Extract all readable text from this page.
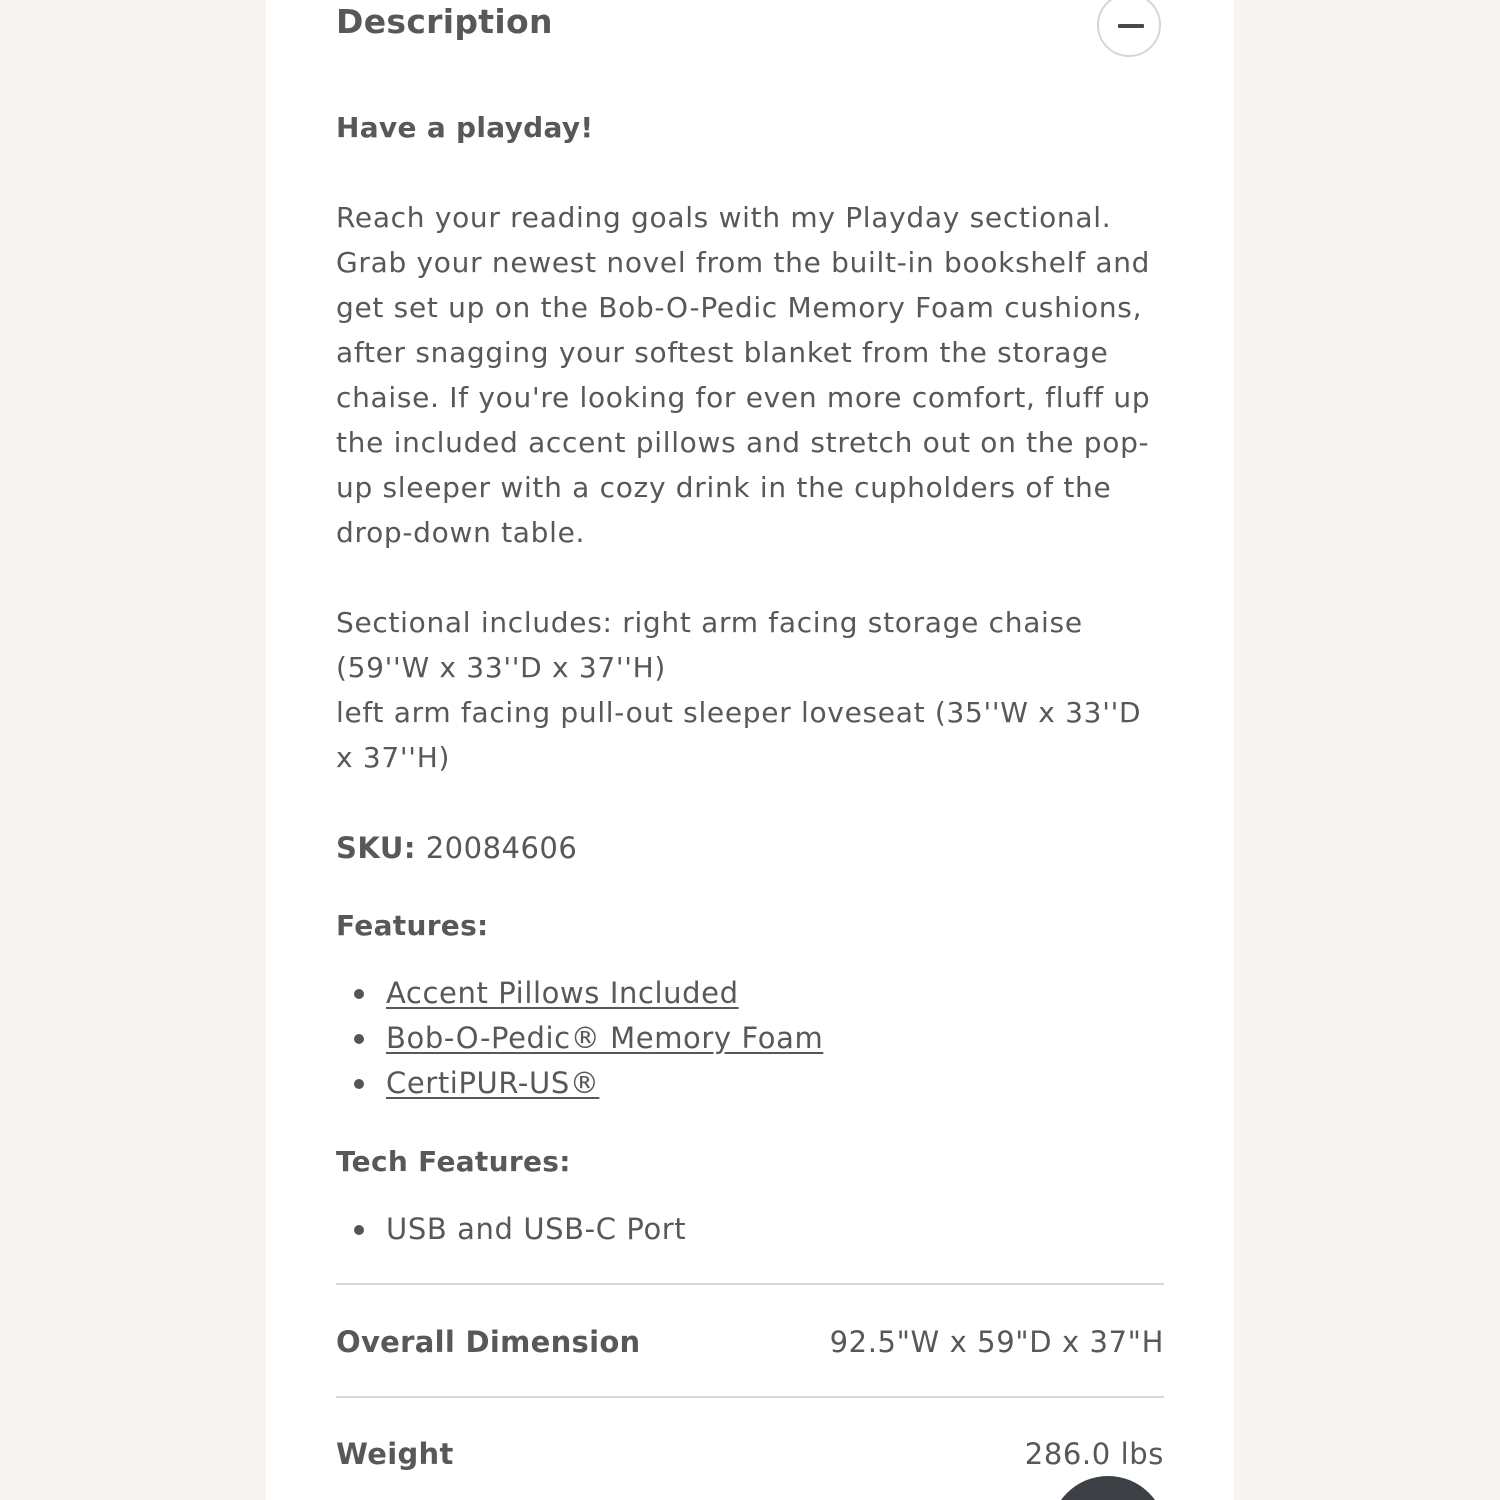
Description
Have a playday!

Reach your reading goals with my Playday sectional. Grab your newest novel from the built-in bookshelf and get set up on the Bob-O-Pedic Memory Foam cushions, after snagging your softest blanket from the storage chaise. If you're looking for even more comfort, fluff up the included accent pillows and stretch out on the pop-up sleeper with a cozy drink in the cupholders of the drop-down table.

Sectional includes: right arm facing storage chaise (59''W x 33''D x 37''H)
left arm facing pull-out sleeper loveseat (35''W x 33''D x 37''H)
SKU: 20084606
Features:
Accent Pillows Included
Bob-O-Pedic® Memory Foam
CertiPUR-US®
Tech Features:
USB and USB-C Port
Overall Dimension	92.5"W x 59"D x 37"H
Weight	286.0 lbs
